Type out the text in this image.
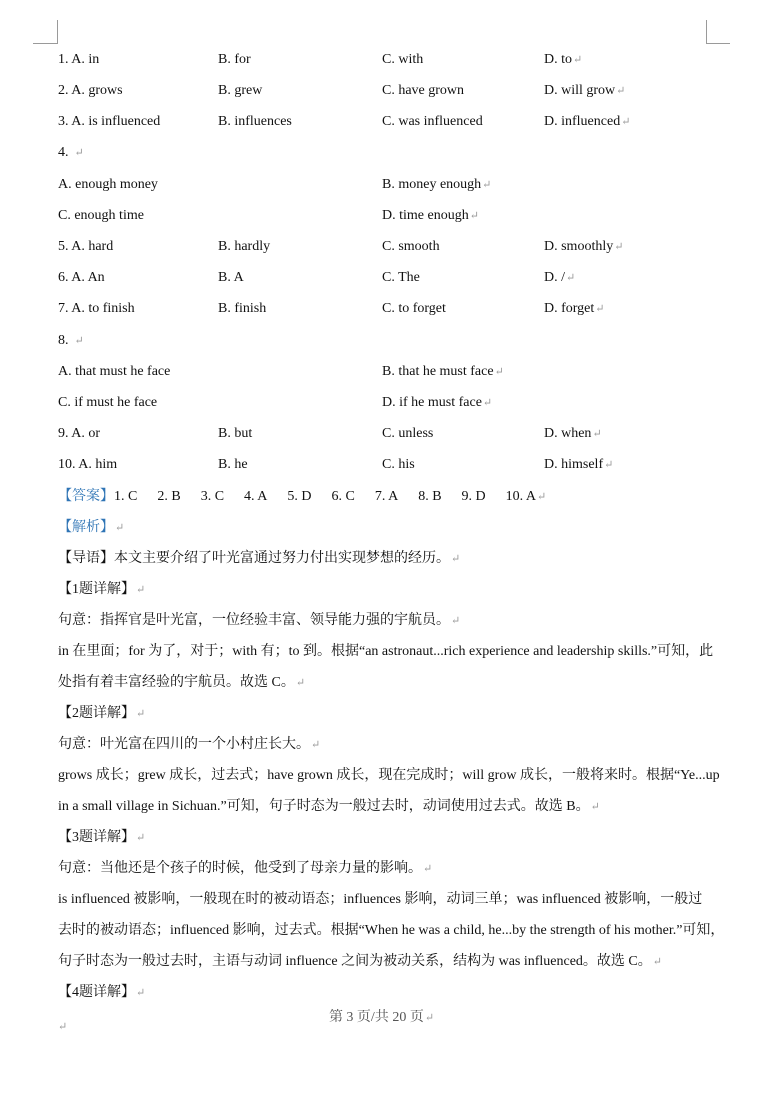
1. A. in	B. for	C. with	D. to↵
2. A. grows	B. grew	C. have grown	D. will grow↵
3. A. is influenced	B. influences	C. was influenced	D. influenced↵
4. ↵
A. enough money	B. money enough↵
C. enough time	D. time enough↵
5. A. hard	B. hardly	C. smooth	D. smoothly↵
6. A. An	B. A	C. The	D. /↵
7. A. to finish	B. finish	C. to forget	D. forget↵
8. ↵
A. that must he face	B. that he must face↵
C. if must he face	D. if he must face↵
9. A. or	B. but	C. unless	D. when↵
10. A. him	B. he	C. his	D. himself↵
【答案】1. C 2. B 3. C 4. A 5. D 6. C 7. A 8. B 9. D 10. A↵
【解析】↵
【导语】本文主要介绍了叶光富通过努力付出实现梦想的经历。↵
【1题详解】↵
句意：指挥官是叶光富，一位经验丰富、领导能力强的宇航员。↵
in 在里面；for 为了，对于；with 有；to 到。根据“an astronaut...rich experience and leadership skills.”可知，此
处指有着丰富经验的宇航员。故选 C。↵
【2题详解】↵
句意：叶光富在四川的一个小村庄长大。↵
grows 成长；grew 成长，过去式；have grown 成长，现在完成时；will grow 成长，一般将来时。根据“Ye...up
in a small village in Sichuan.”可知，句子时态为一般过去时，动词使用过去式。故选 B。↵
【3题详解】↵
句意：当他还是个孩子的时候，他受到了母亲力量的影响。↵
is influenced 被影响，一般现在时的被动语态；influences 影响，动词三单；was influenced 被影响，一般过
去时的被动语态；influenced 影响，过去式。根据“When he was a child, he...by the strength of his mother.”可知，
句子时态为一般过去时，主语与动词 influence 之间为被动关系，结构为 was influenced。故选 C。↵
【4题详解】↵
第 3 页/共 20 页↵
↵
